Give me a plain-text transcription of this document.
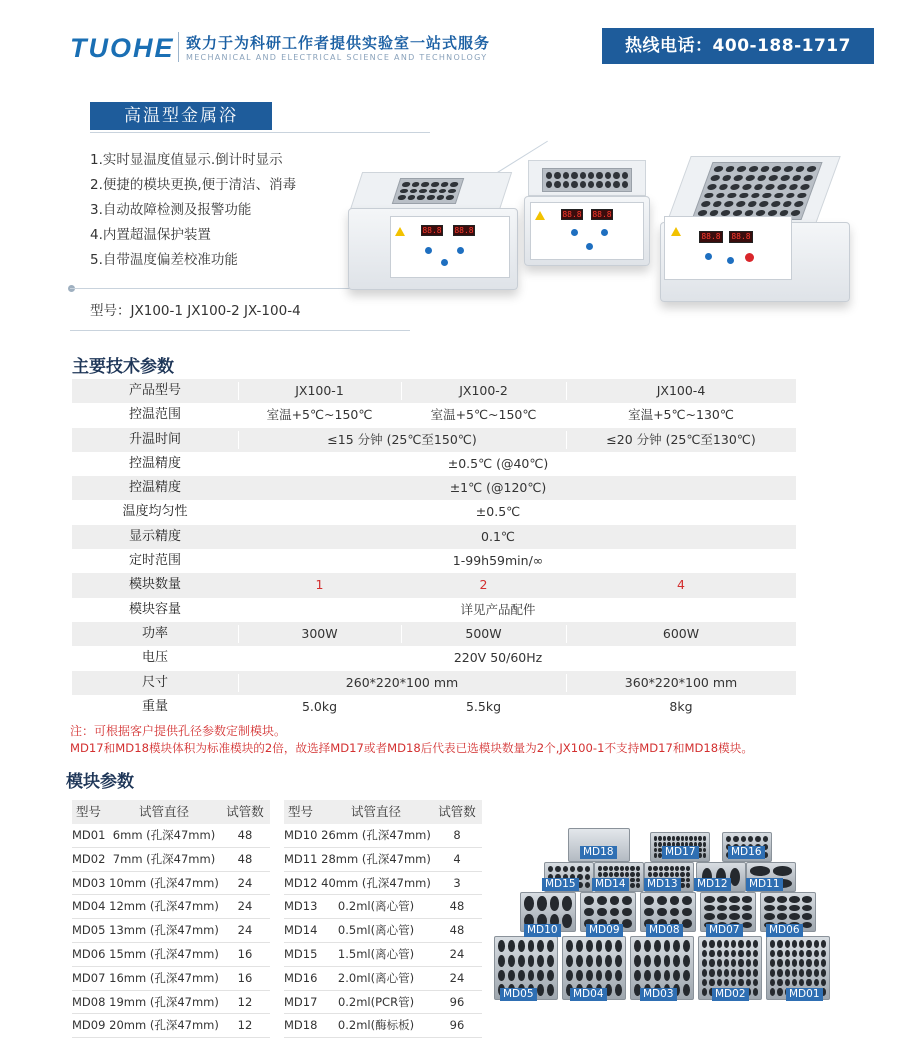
TUOHE 致力于为科研工作者提供实验室一站式服务
MECHANICAL AND ELECTRICAL SCIENCE AND TECHNOLOGY
热线电话：400-188-1717
高温型金属浴
1.实时显温度值显示.倒计时显示
2.便捷的模块更换,便于清洁、消毒
3.自动故障检测及报警功能
4.内置超温保护装置
5.自带温度偏差校准功能
型号：JX100-1 JX100-2 JX-100-4
88.8 88.8
88.8 88.8
88.8 88.8
主要技术参数
产品型号	JX100-1	JX100-2	JX100-4
控温范围	室温+5℃~150℃	室温+5℃~150℃	室温+5℃~130℃
升温时间	≤15 分钟 (25℃至150℃)	≤20 分钟 (25℃至130℃)
控温精度	±0.5℃ (@40℃)
控温精度	±1℃ (@120℃)
温度均匀性	±0.5℃
显示精度	0.1℃
定时范围	1-99h59min/∞
模块数量	1	2	4
模块容量	详见产品配件
功率	300W	500W	600W
电压	220V 50/60Hz
尺寸	260*220*100 mm	360*220*100 mm
重量	5.0kg	5.5kg	8kg
注：可根据客户提供孔径参数定制模块。
MD17和MD18模块体积为标准模块的2倍，故选择MD17或者MD18后代表已选模块数量为2个,JX100-1不支持MD17和MD18模块。
模块参数
型号	试管直径	试管数
MD01 6mm (孔深47mm)	48
MD02 7mm (孔深47mm)	48
MD03 10mm (孔深47mm)	24
MD04 12mm (孔深47mm)	24
MD05 13mm (孔深47mm)	24
MD06 15mm (孔深47mm)	16
MD07 16mm (孔深47mm)	16
MD08 19mm (孔深47mm)	12
MD09 20mm (孔深47mm)	12
型号	试管直径	试管数
MD10 26mm (孔深47mm)	8
MD11 28mm (孔深47mm)	4
MD12 40mm (孔深47mm)	3
MD13	0.2ml(离心管)	48
MD14	0.5ml(离心管)	48
MD15	1.5ml(离心管)	24
MD16	2.0ml(离心管)	24
MD17	0.2ml(PCR管)	96
MD18	0.2ml(酶标板)	96
MD18	MD17	MD16
MD15 MD14 MD13 MD12 MD11
MD10	MD09	MD08	MD07	MD06
MD05	MD04	MD03	MD02	MD01
